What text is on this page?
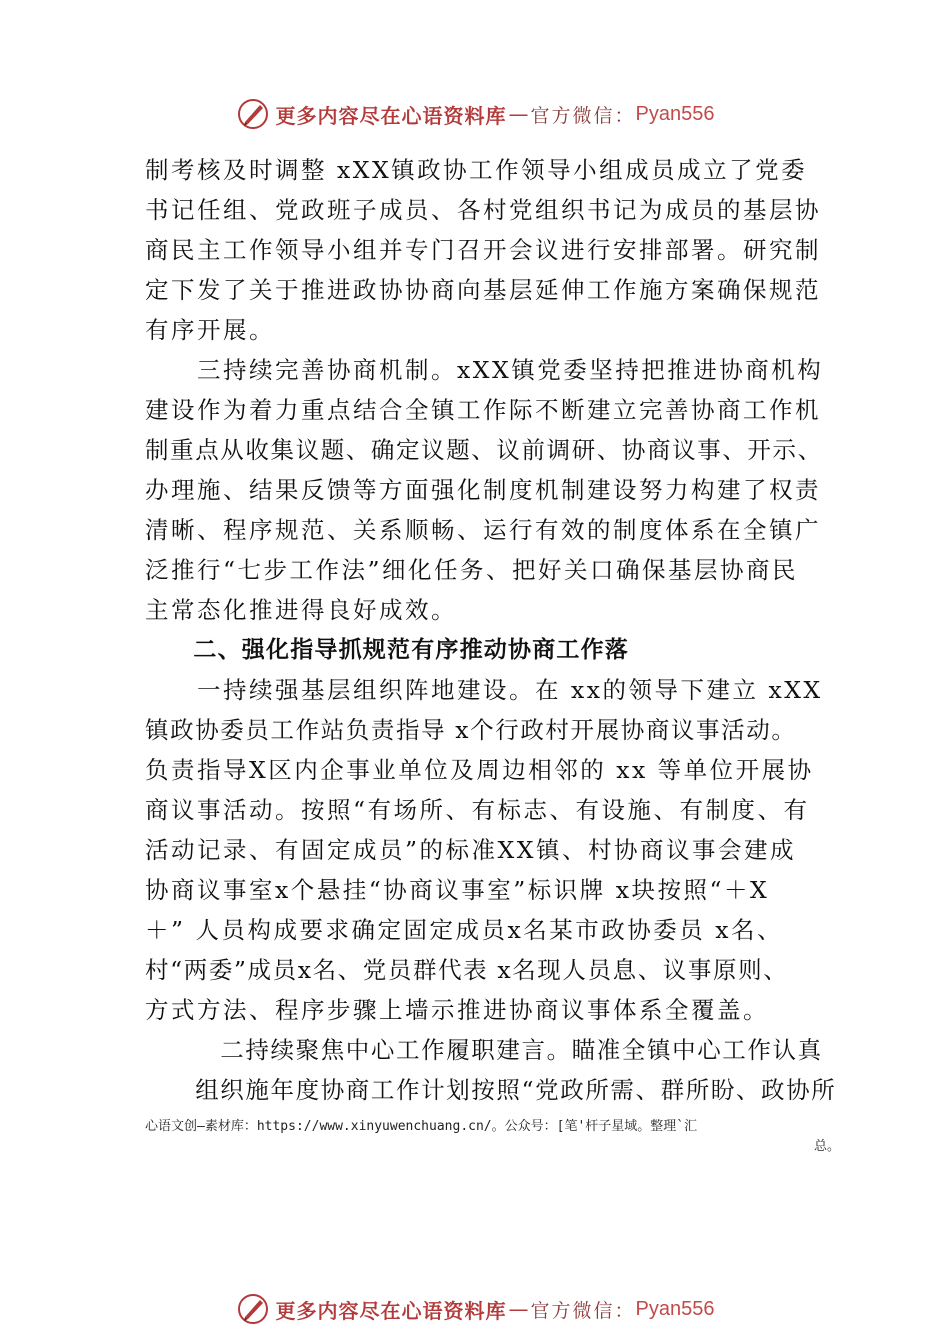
更多内容尽在心语资料库 — 官方微信： Pyan556
制考核及时调整 xXX镇政协工作领导小组成员成立了党委
书记任组、党政班子成员、各村党组织书记为成员的基层协
商民主工作领导小组并专门召开会议进行安排部署。研究制
定下发了关于推进政协协商向基层延伸工作施方案确保规范
有序开展。
　　三持续完善协商机制。xXX镇党委坚持把推进协商机构
建设作为着力重点结合全镇工作际不断建立完善协商工作机
制重点从收集议题、确定议题、议前调研、协商议事、开示、
办理施、结果反馈等方面强化制度机制建设努力构建了权责
清晰、程序规范、关系顺畅、运行有效的制度体系在全镇广
泛推行“七步工作法”细化任务、把好关口确保基层协商民
主常态化推进得良好成效。
　　二、强化指导抓规范有序推动协商工作落
　　一持续强基层组织阵地建设。在 xx的领导下建立 xXX
镇政协委员工作站负责指导 x个行政村开展协商议事活动。
负责指导X区内企事业单位及周边相邻的 xx 等单位开展协
商议事活动。按照“有场所、有标志、有设施、有制度、有
活动记录、有固定成员”的标准XX镇、村协商议事会建成
协商议事室x个悬挂“协商议事室”标识牌 x块按照“＋X
＋” 人员构成要求确定固定成员x名某市政协委员 x名、
村“两委”成员x名、党员群代表 x名现人员息、议事原则、
方式方法、程序步骤上墙示推进协商议事体系全覆盖。
　　　二持续聚焦中心工作履职建言。瞄准全镇中心工作认真
　　组织施年度协商工作计划按照“党政所需、群所盼、政协所
心语文创—素材库：https://www.xinyuwenchuang.cn/。公众号：[笔'杆子星域。整理`汇
总。
更多内容尽在心语资料库 — 官方微信： Pyan556
